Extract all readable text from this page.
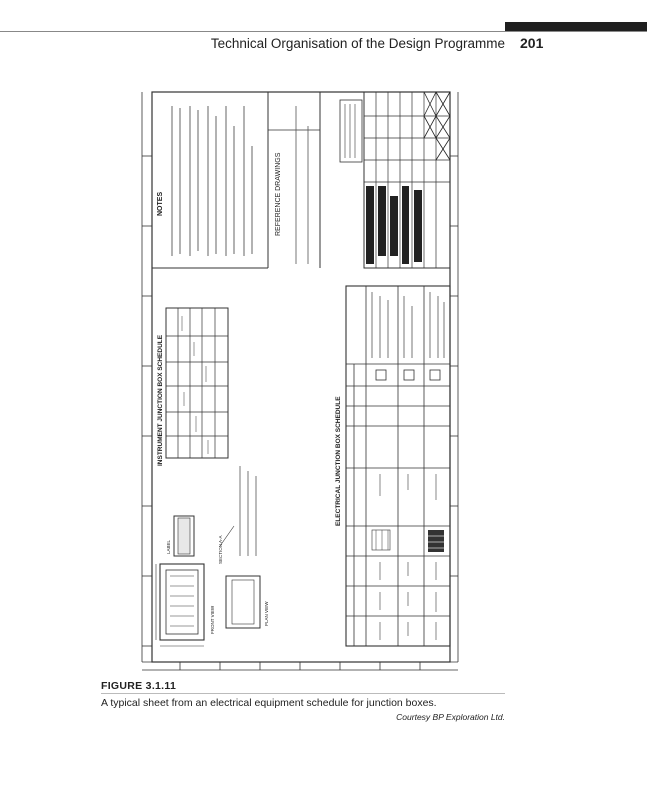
Technical Organisation of the Design Programme 201
NOTES	REFERENCE DRAWINGS
INSTRUMENT JUNCTION BOX SCHEDULE
FRONT VIEW
LABEL
PLAN VIEW
SECTION A-A
ELECTRICAL JUNCTION BOX SCHEDULE
FIGURE 3.1.11
A typical sheet from an electrical equipment schedule for junction boxes.
Courtesy BP Exploration Ltd.
